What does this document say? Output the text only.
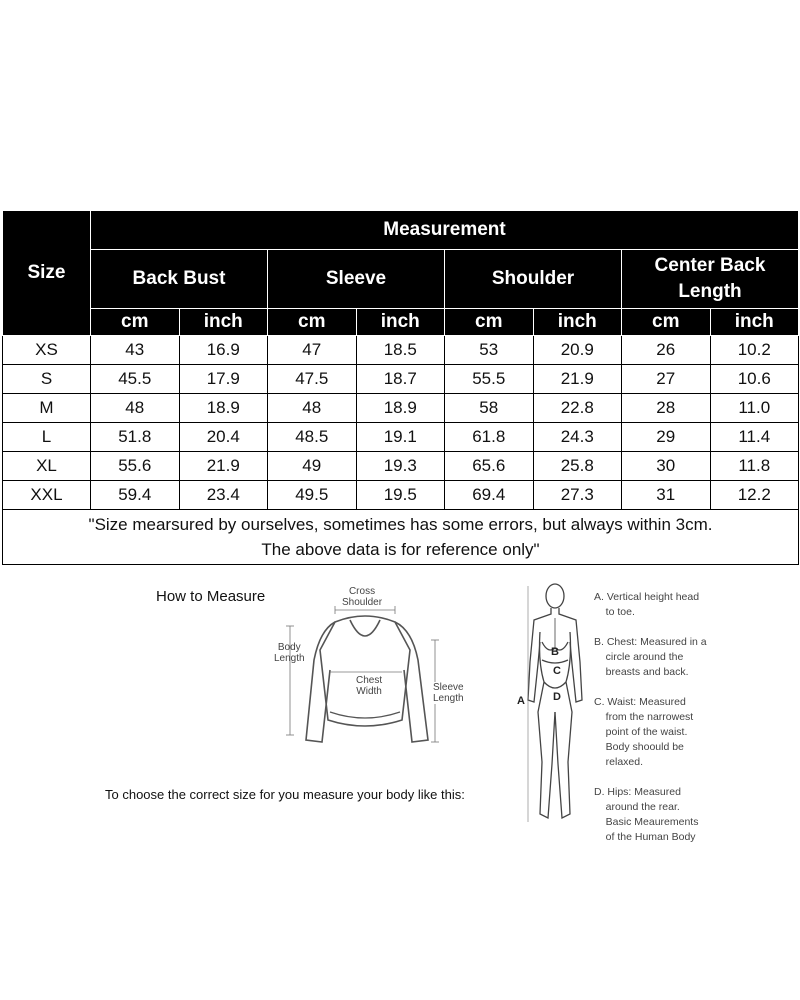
Size	Measurement							
	Back Bust		Sleeve		Shoulder		Center Back
Length	
	cm	inch	cm	inch	cm	inch	cm	inch
XS	43	16.9	47	18.5	53	20.9	26	10.2
S	45.5	17.9	47.5	18.7	55.5	21.9	27	10.6
M	48	18.9	48	18.9	58	22.8	28	11.0
L	51.8	20.4	48.5	19.1	61.8	24.3	29	11.4
XL	55.6	21.9	49	19.3	65.6	25.8	30	11.8
XXL	59.4	23.4	49.5	19.5	69.4	27.3	31	12.2

"Size mearsured by ourselves, sometimes has some errors, but always within 3cm.
The above data is for reference only"								
How to Measure
To choose the correct size for you measure your body like this:
Cross
Shoulder
Body
Length
Chest
Width	Sleeve
Length
B
C
D
A
A. Vertical height head
to toe.
B. Chest: Measured in a
circle around the
breasts and back.
C. Waist: Measured
from the narrowest
point of the waist.
Body shoould be
relaxed.
D. Hips: Measured
around the rear.
Basic Meaurements
of the Human Body
